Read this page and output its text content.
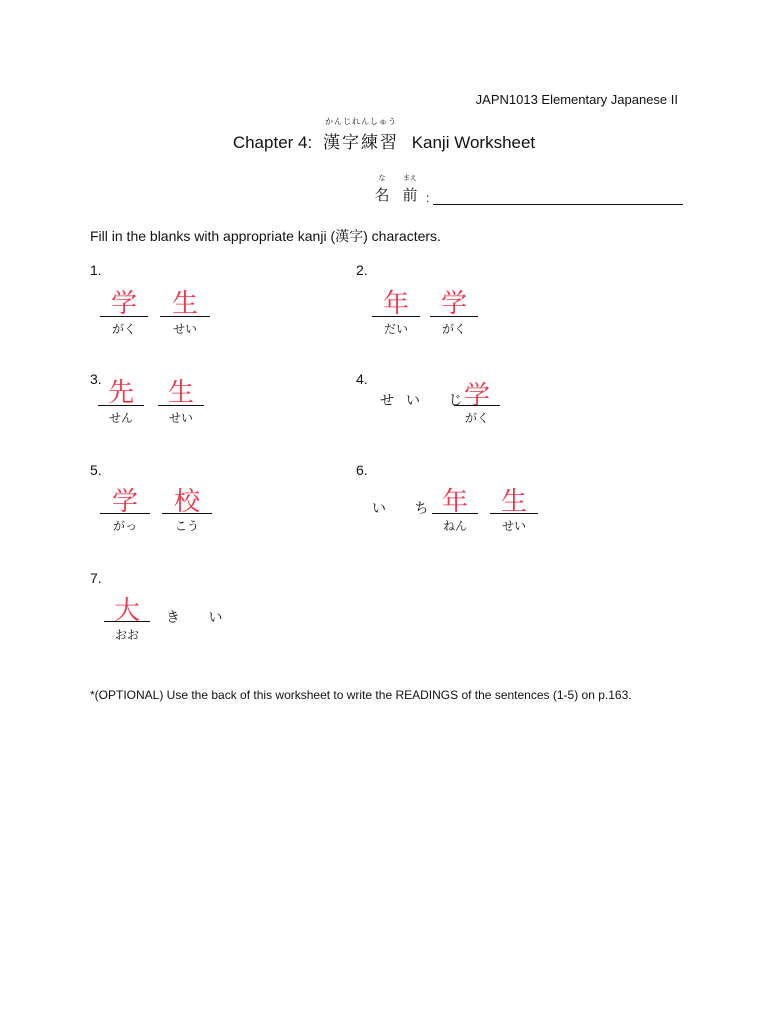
JAPN1013 Elementary Japanese II
Chapter 4:
かんじれんしゅう
漢字練習 Kanji Worksheet
な
名
まえ
前 :
Fill in the blanks with appropriate kanji (漢字) characters.
1.
学
がく
生
せい
2.
年
だい
学
がく
3. 先
せん
生
せい
4.
せい じ
学
がく
5.
学
がっ
校
こう
6.
い ち 年
ねん
生
せい
7.
大
おお
き い
*(OPTIONAL) Use the back of this worksheet to write the READINGS of the sentences (1-5) on p.163.
